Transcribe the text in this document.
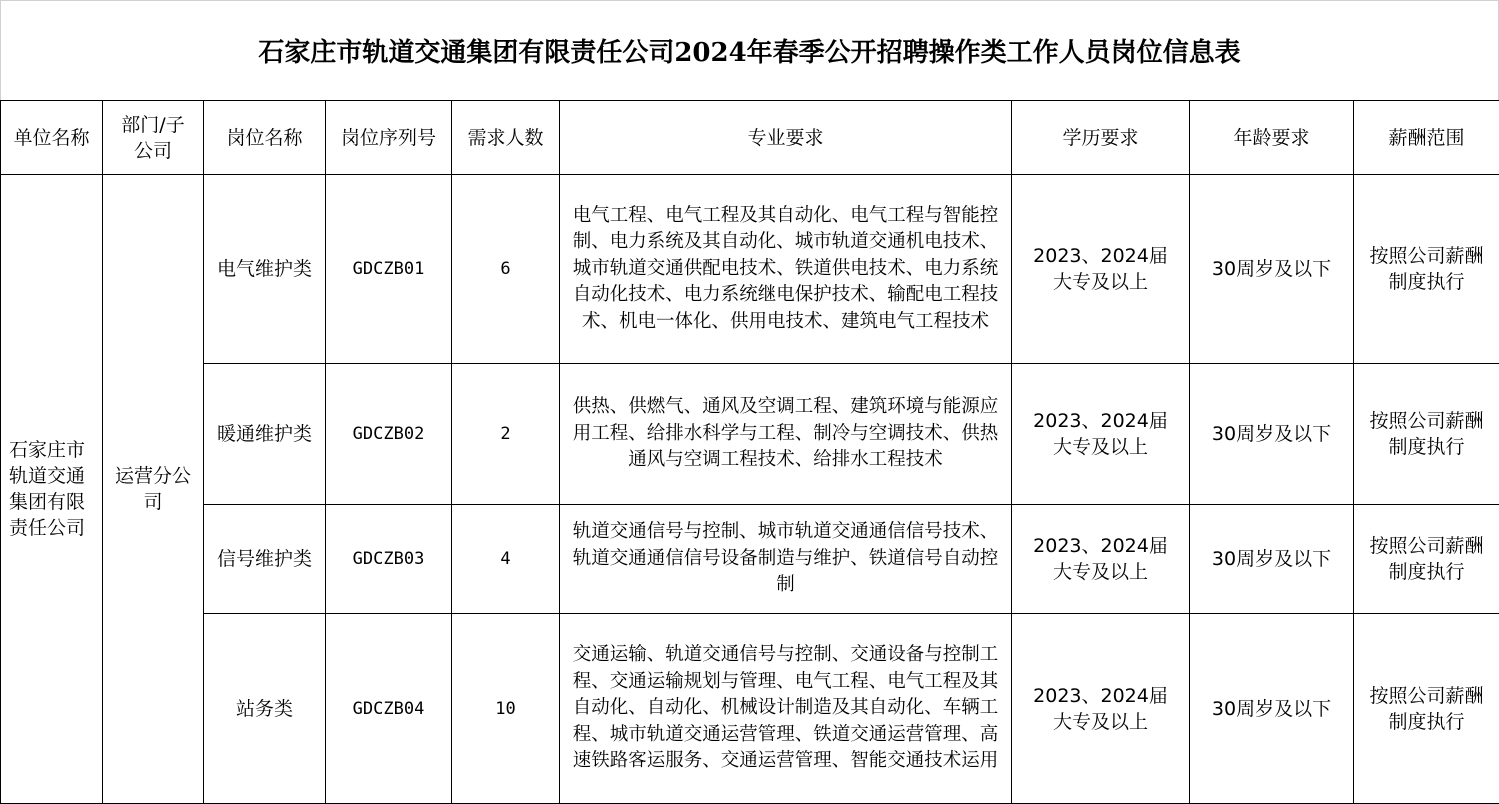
石家庄市轨道交通集团有限责任公司2024年春季公开招聘操作类工作人员岗位信息表
单位名称	部门/子公司	岗位名称	岗位序列号	需求人数	专业要求	学历要求	年龄要求	薪酬范围
石家庄市轨道交通集团有限责任公司	运营分公司	电气维护类	GDCZB01	6	电气工程、电气工程及其自动化、电气工程与智能控制、电力系统及其自动化、城市轨道交通机电技术、城市轨道交通供配电技术、铁道供电技术、电力系统自动化技术、电力系统继电保护技术、输配电工程技术、机电一体化、供用电技术、建筑电气工程技术	2023、2024届大专及以上	30周岁及以下	按照公司薪酬制度执行
		暖通维护类	GDCZB02	2	供热、供燃气、通风及空调工程、建筑环境与能源应用工程、给排水科学与工程、制冷与空调技术、供热通风与空调工程技术、给排水工程技术	2023、2024届大专及以上	30周岁及以下	按照公司薪酬制度执行
		信号维护类	GDCZB03	4	轨道交通信号与控制、城市轨道交通通信信号技术、轨道交通通信信号设备制造与维护、铁道信号自动控制	2023、2024届大专及以上	30周岁及以下	按照公司薪酬制度执行
		站务类	GDCZB04	10	交通运输、轨道交通信号与控制、交通设备与控制工程、交通运输规划与管理、电气工程、电气工程及其自动化、自动化、机械设计制造及其自动化、车辆工程、城市轨道交通运营管理、铁道交通运营管理、高速铁路客运服务、交通运营管理、智能交通技术运用	2023、2024届大专及以上	30周岁及以下	按照公司薪酬制度执行
